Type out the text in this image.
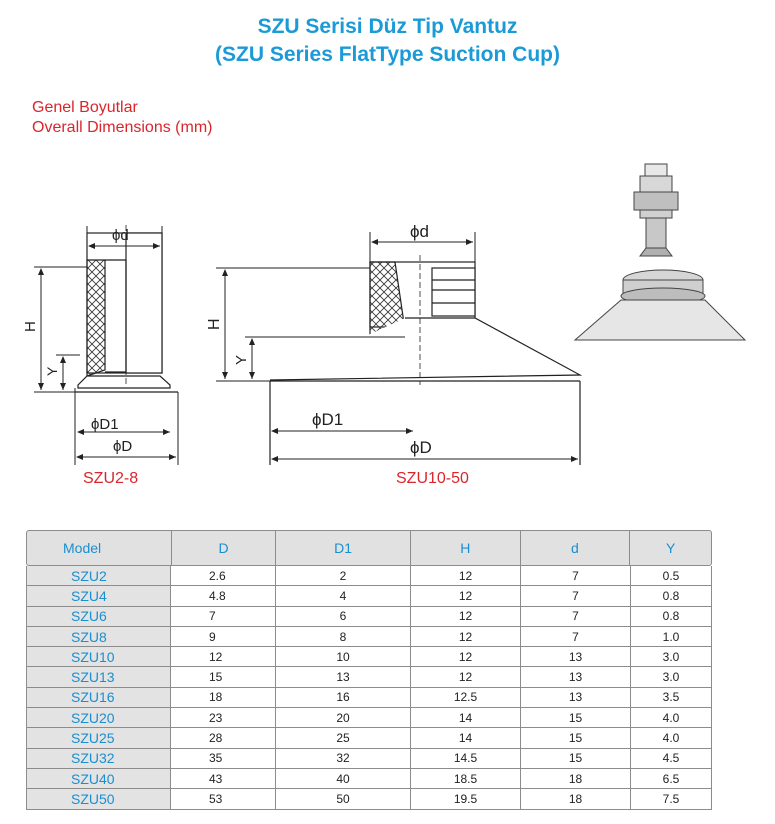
SZU Serisi Düz Tip Vantuz
(SZU Series FlatType Suction Cup)
Genel Boyutlar
Overall Dimensions (mm)
ϕd
H
Y
ϕD1
ϕD
ϕd
H
Y
ϕD1
ϕD
SZU2-8	SZU10-50
Model	D	D1	H	d	Y
SZU2	2.6	2	12	7	0.5
SZU4	4.8	4	12	7	0.8
SZU6	7	6	12	7	0.8
SZU8	9	8	12	7	1.0
SZU10	12	10	12	13	3.0
SZU13	15	13	12	13	3.0
SZU16	18	16	12.5	13	3.5
SZU20	23	20	14	15	4.0
SZU25	28	25	14	15	4.0
SZU32	35	32	14.5	15	4.5
SZU40	43	40	18.5	18	6.5
SZU50	53	50	19.5	18	7.5
